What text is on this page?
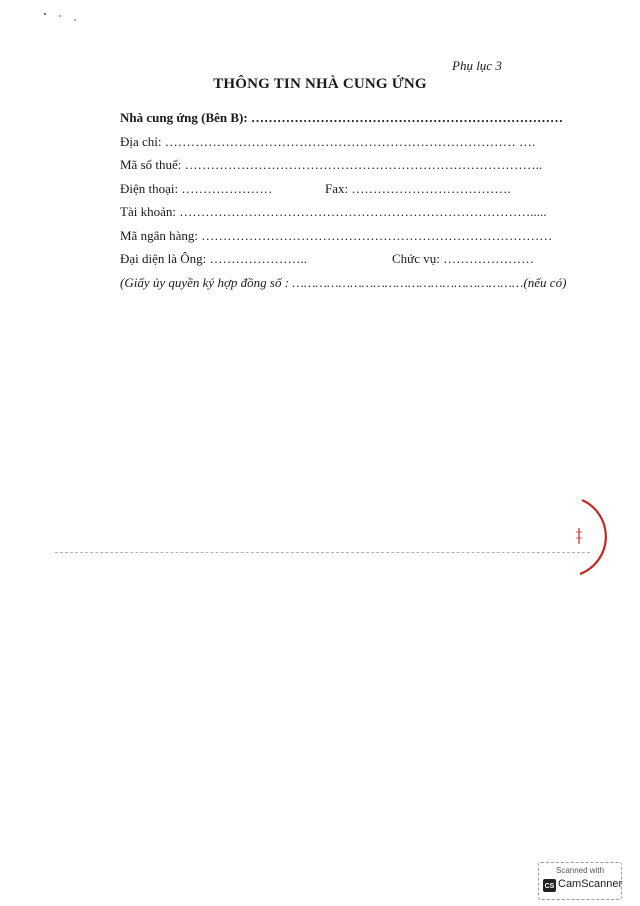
Phụ lục 3
THÔNG TIN NHÀ CUNG ỨNG
Nhà cung ứng (Bên B): ………………………………………………………………
Địa chỉ: ……………………………………………………………………… ….
Mã số thuế: ………………………………………………………………………..
Điện thoại: …………………	Fax: ……………………………….
Tài khoản: ……………………………………………………………………….....
Mã ngân hàng: ………………………………………………………………………
Đại diện là Ông: …………………..	Chức vụ: …………………
(Giấy ủy quyền ký hợp đồng số : ……………………………………………………(nếu có)
Scanned with
CS CamScanner
